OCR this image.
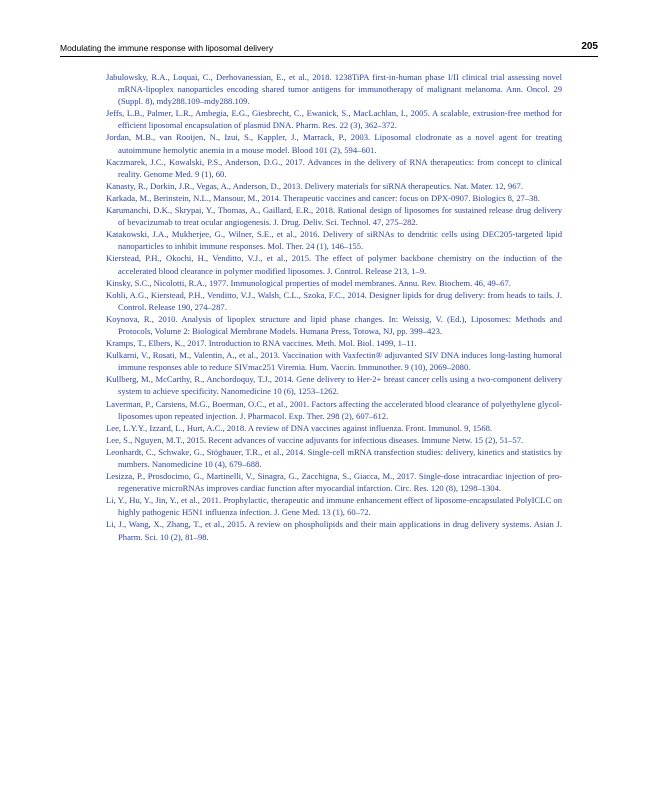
Modulating the immune response with liposomal delivery	205

Jabulowsky, R.A., Loquai, C., Derhovanessian, E., et al., 2018. 1238TiPA first-in-human phase I/II clinical trial assessing novel mRNA-lipoplex nanoparticles encoding shared tumor antigens for immunotherapy of malignant melanoma. Ann. Oncol. 29 (Suppl. 8), mdy288.109–mdy288.109.

Jeffs, L.B., Palmer, L.R., Ambegia, E.G., Giesbrecht, C., Ewanick, S., MacLachlan, I., 2005. A scalable, extrusion-free method for efficient liposomal encapsulation of plasmid DNA. Pharm. Res. 22 (3), 362–372.

Jordan, M.B., van Rooijen, N., Izui, S., Kappler, J., Marrack, P., 2003. Liposomal clodronate as a novel agent for treating autoimmune hemolytic anemia in a mouse model. Blood 101 (2), 594–601.

Kaczmarek, J.C., Kowalski, P.S., Anderson, D.G., 2017. Advances in the delivery of RNA therapeutics: from concept to clinical reality. Genome Med. 9 (1), 60.

Kanasty, R., Dorkin, J.R., Vegas, A., Anderson, D., 2013. Delivery materials for siRNA therapeutics. Nat. Mater. 12, 967.

Karkada, M., Berinstein, N.L., Mansour, M., 2014. Therapeutic vaccines and cancer: focus on DPX-0907. Biologics 8, 27–38.

Karumanchi, D.K., Skrypai, Y., Thomas, A., Gaillard, E.R., 2018. Rational design of liposomes for sustained release drug delivery of bevacizumab to treat ocular angiogenesis. J. Drug. Deliv. Sci. Technol. 47, 275–282.

Katakowski, J.A., Mukherjee, G., Wilner, S.E., et al., 2016. Delivery of siRNAs to dendritic cells using DEC205-targeted lipid nanoparticles to inhibit immune responses. Mol. Ther. 24 (1), 146–155.

Kierstead, P.H., Okochi, H., Venditto, V.J., et al., 2015. The effect of polymer backbone chemistry on the induction of the accelerated blood clearance in polymer modified liposomes. J. Control. Release 213, 1–9.

Kinsky, S.C., Nicolotti, R.A., 1977. Immunological properties of model membranes. Annu. Rev. Biochem. 46, 49–67.

Kohli, A.G., Kierstead, P.H., Venditto, V.J., Walsh, C.L., Szoka, F.C., 2014. Designer lipids for drug delivery: from heads to tails. J. Control. Release 190, 274–287.

Koynova, R., 2010. Analysis of lipoplex structure and lipid phase changes. In: Weissig, V. (Ed.), Liposomes: Methods and Protocols, Volume 2: Biological Membrane Models. Humana Press, Totowa, NJ, pp. 399–423.

Kramps, T., Elbers, K., 2017. Introduction to RNA vaccines. Meth. Mol. Biol. 1499, 1–11.

Kulkarni, V., Rosati, M., Valentin, A., et al., 2013. Vaccination with Vaxfectin® adjuvanted SIV DNA induces long-lasting humoral immune responses able to reduce SIVmac251 Viremia. Hum. Vaccin. Immunother. 9 (10), 2069–2080.

Kullberg, M., McCarthy, R., Anchordoquy, T.J., 2014. Gene delivery to Her-2+ breast cancer cells using a two-component delivery system to achieve specificity. Nanomedicine 10 (6), 1253–1262.

Laverman, P., Carstens, M.G., Boerman, O.C., et al., 2001. Factors affecting the accelerated blood clearance of polyethylene glycol-liposomes upon repeated injection. J. Pharmacol. Exp. Ther. 298 (2), 607–612.

Lee, L.Y.Y., Izzard, L., Hurt, A.C., 2018. A review of DNA vaccines against influenza. Front. Immunol. 9, 1568.

Lee, S., Nguyen, M.T., 2015. Recent advances of vaccine adjuvants for infectious diseases. Immune Netw. 15 (2), 51–57.

Leonhardt, C., Schwake, G., Stögbauer, T.R., et al., 2014. Single-cell mRNA transfection studies: delivery, kinetics and statistics by numbers. Nanomedicine 10 (4), 679–688.

Lesizza, P., Prosdocimo, G., Martinelli, V., Sinagra, G., Zacchigna, S., Giacca, M., 2017. Single-dose intracardiac injection of pro-regenerative microRNAs improves cardiac function after myocardial infarction. Circ. Res. 120 (8), 1298–1304.

Li, Y., Hu, Y., Jin, Y., et al., 2011. Prophylactic, therapeutic and immune enhancement effect of liposome-encapsulated PolyICLC on highly pathogenic H5N1 influenza infection. J. Gene Med. 13 (1), 60–72.

Li, J., Wang, X., Zhang, T., et al., 2015. A review on phospholipids and their main applications in drug delivery systems. Asian J. Pharm. Sci. 10 (2), 81–98.
